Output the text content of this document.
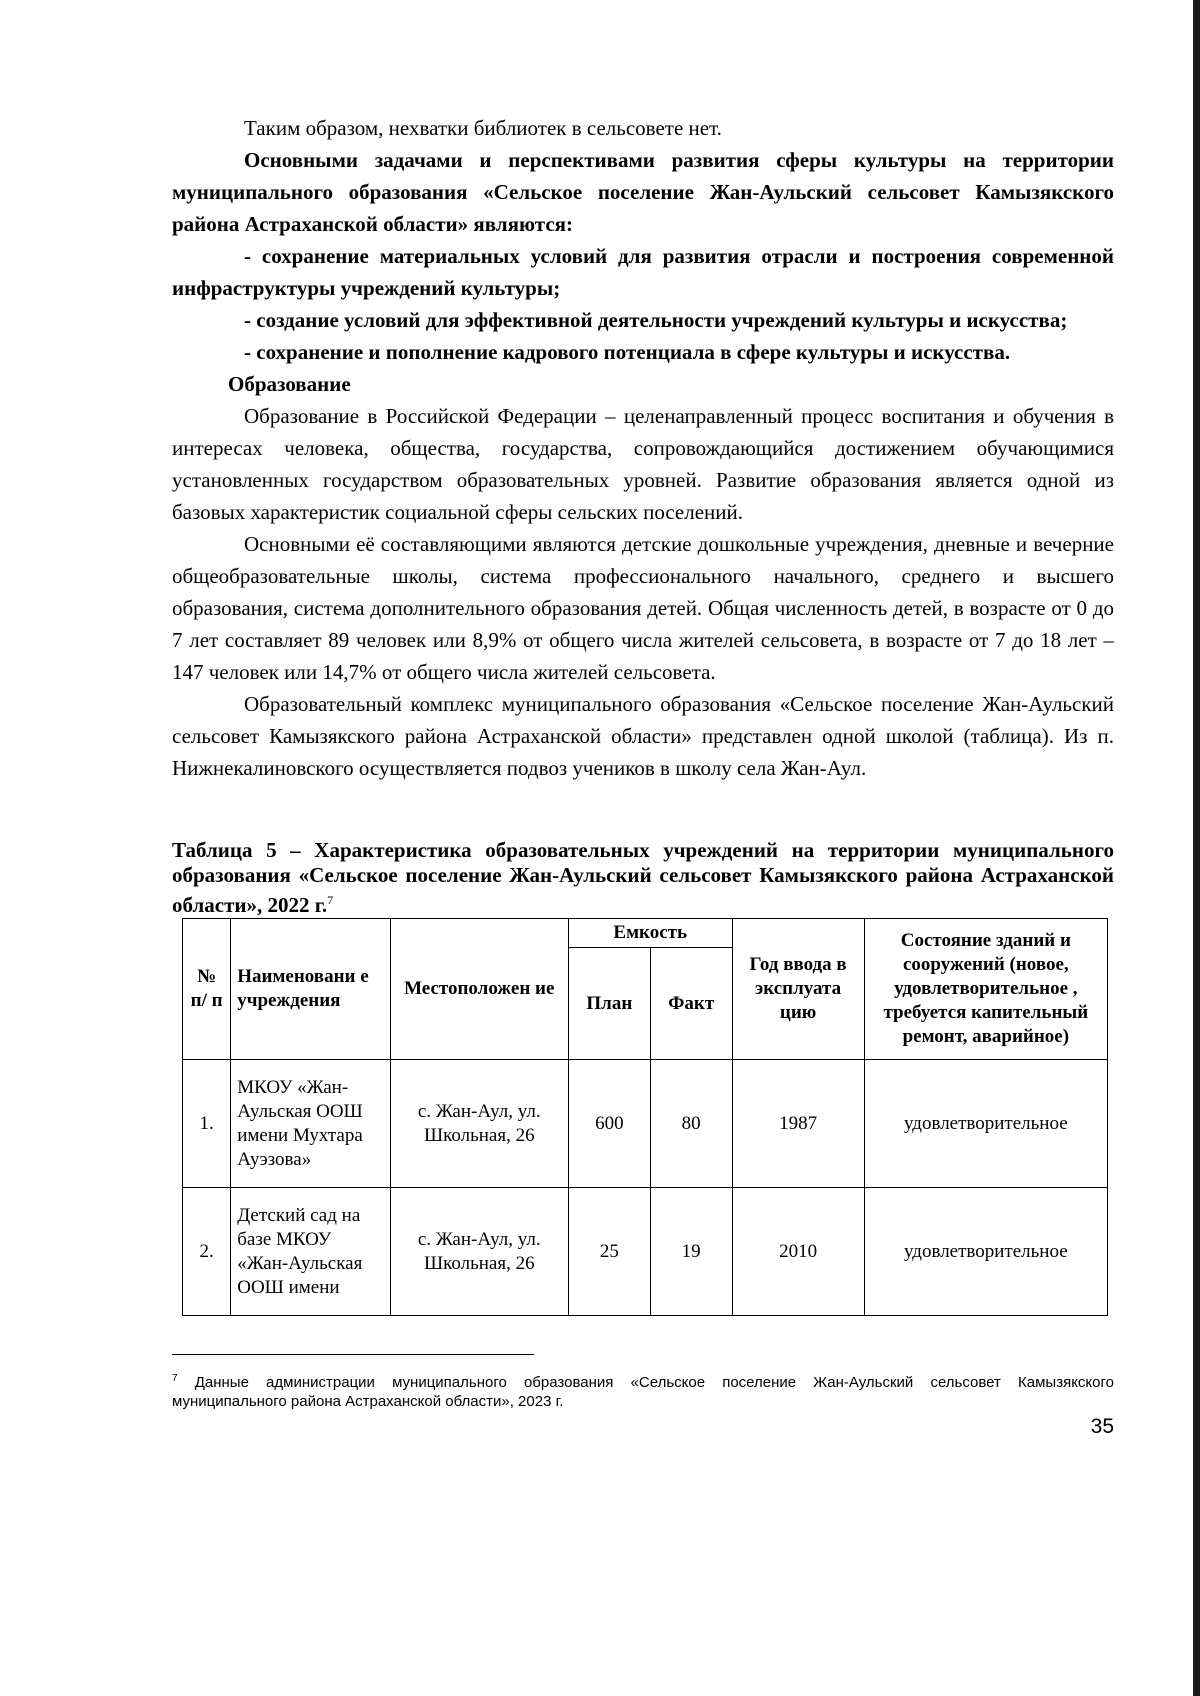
Таким образом, нехватки библиотек в сельсовете нет.

Основными задачами и перспективами развития сферы культуры на территории муниципального образования «Сельское поселение Жан-Аульский сельсовет Камызякского района Астраханской области» являются:

- сохранение материальных условий для развития отрасли и построения современной инфраструктуры учреждений культуры;

- создание условий для эффективной деятельности учреждений культуры и искусства;

- сохранение и пополнение кадрового потенциала в сфере культуры и искусства.

Образование

Образование в Российской Федерации – целенаправленный процесс воспитания и обучения в интересах человека, общества, государства, сопровождающийся достижением обучающимися установленных государством образовательных уровней. Развитие образования является одной из базовых характеристик социальной сферы сельских поселений.

Основными её составляющими являются детские дошкольные учреждения, дневные и вечерние общеобразовательные школы, система профессионального начального, среднего и высшего образования, система дополнительного образования детей. Общая численность детей, в возрасте от 0 до 7 лет составляет 89 человек или 8,9% от общего числа жителей сельсовета, в возрасте от 7 до 18 лет – 147 человек или 14,7% от общего числа жителей сельсовета.

Образовательный комплекс муниципального образования «Сельское поселение Жан-Аульский сельсовет Камызякского района Астраханской области» представлен одной школой (таблица). Из п. Нижнекалиновского осуществляется подвоз учеников в школу села Жан-Аул.

Таблица 5 – Характеристика образовательных учреждений на территории муниципального образования «Сельское поселение Жан-Аульский сельсовет Камызякского района Астраханской области», 2022 г.$^7$
№ п/ п	Наименовани е учреждения	Местоположен ие	Емкость		Год ввода в эксплуата цию	Состояние зданий и сооружений (новое, удовлетворительное , требуется капительный ремонт, аварийное)
			План	Факт		
1.	МКОУ «Жан-Аульская ООШ имени Мухтара Ауэзова»	с. Жан-Аул, ул. Школьная, 26	600	80	1987	удовлетворительное
2.	Детский сад на базе МКОУ «Жан-Аульская ООШ имени	с. Жан-Аул, ул. Школьная, 26	25	19	2010	удовлетворительное
$^7$ Данные администрации муниципального образования «Сельское поселение Жан-Аульский сельсовет Камызякского муниципального района Астраханской области», 2023 г.
35
